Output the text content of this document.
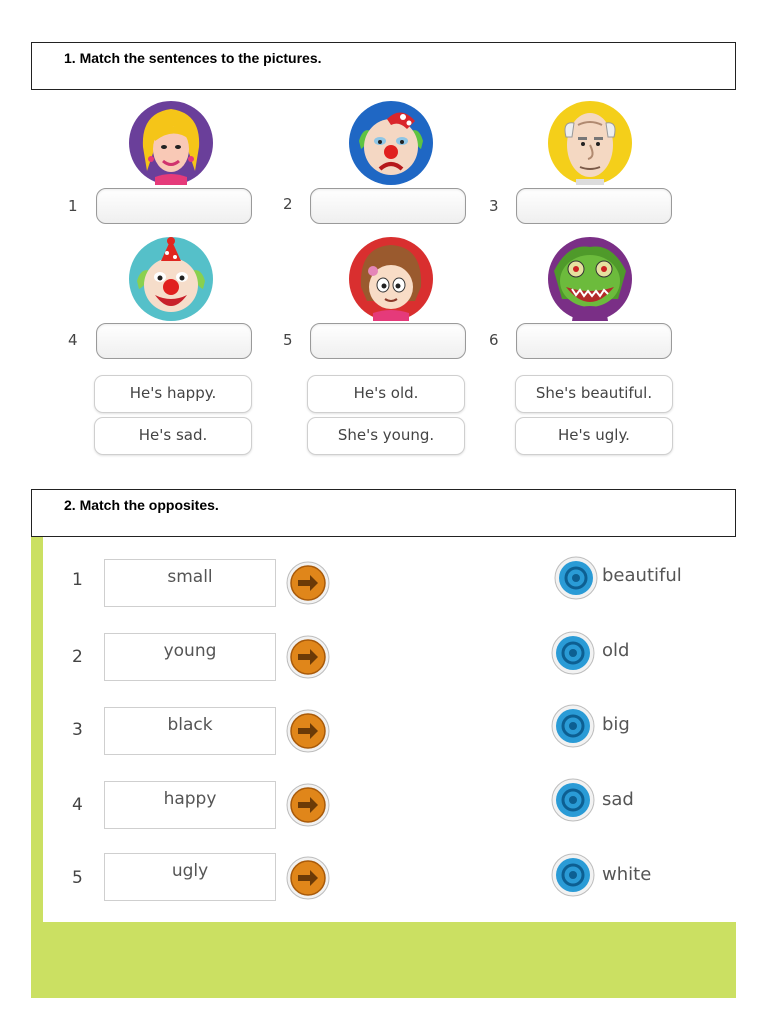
1. Match the sentences to the pictures.
1	2	3
4	5	6
He's happy.	He's old.	She's beautiful.
He's sad.	She's young.	He's ugly.
2. Match the opposites.
1	small	beautiful
2	young	old
3	black	big
4	happy	sad
5	ugly	white
